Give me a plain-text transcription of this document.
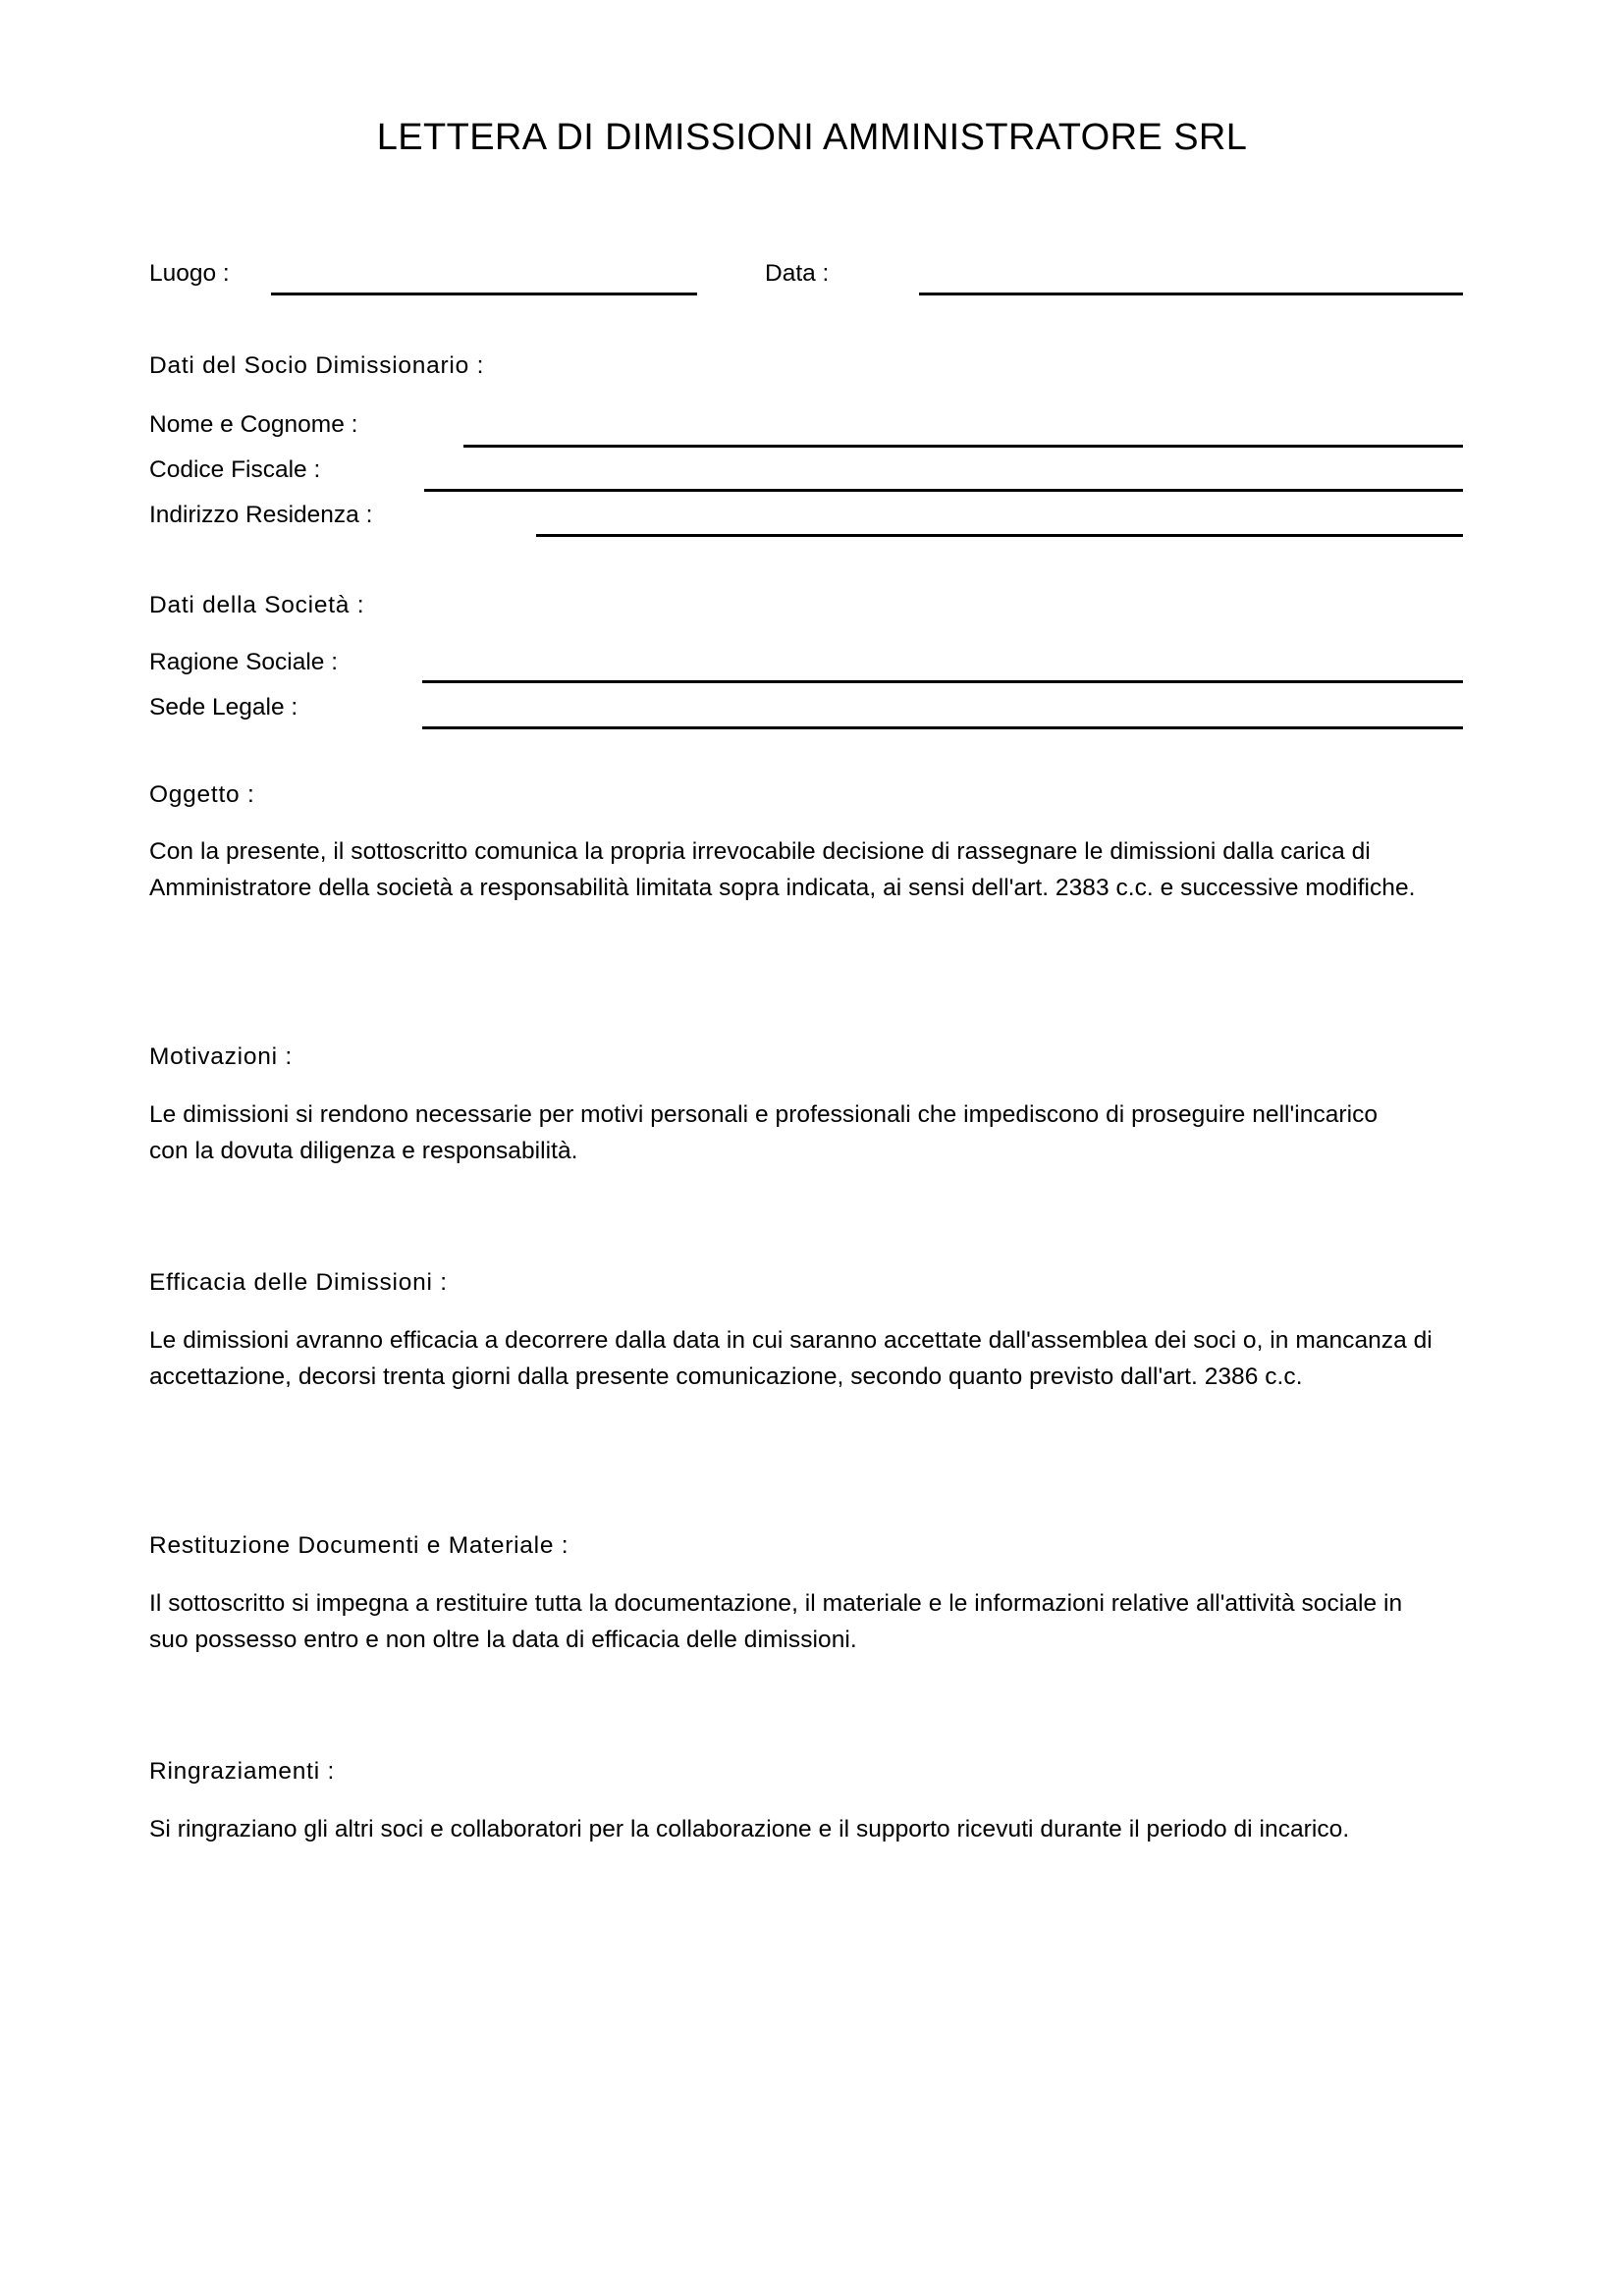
LETTERA DI DIMISSIONI AMMINISTRATORE SRL
Luogo :	Data :
Dati del Socio Dimissionario :
Nome e Cognome :
Codice Fiscale :
Indirizzo Residenza :
Dati della Società :
Ragione Sociale :
Sede Legale :
Oggetto :
Con la presente, il sottoscritto comunica la propria irrevocabile decisione di rassegnare le dimissioni dalla carica di Amministratore della società a responsabilità limitata sopra indicata, ai sensi dell'art. 2383 c.c. e successive modifiche.
Motivazioni :
Le dimissioni si rendono necessarie per motivi personali e professionali che impediscono di proseguire nell'incarico con la dovuta diligenza e responsabilità.
Efficacia delle Dimissioni :
Le dimissioni avranno efficacia a decorrere dalla data in cui saranno accettate dall'assemblea dei soci o, in mancanza di accettazione, decorsi trenta giorni dalla presente comunicazione, secondo quanto previsto dall'art. 2386 c.c.
Restituzione Documenti e Materiale :
Il sottoscritto si impegna a restituire tutta la documentazione, il materiale e le informazioni relative all'attività sociale in suo possesso entro e non oltre la data di efficacia delle dimissioni.
Ringraziamenti :
Si ringraziano gli altri soci e collaboratori per la collaborazione e il supporto ricevuti durante il periodo di incarico.
